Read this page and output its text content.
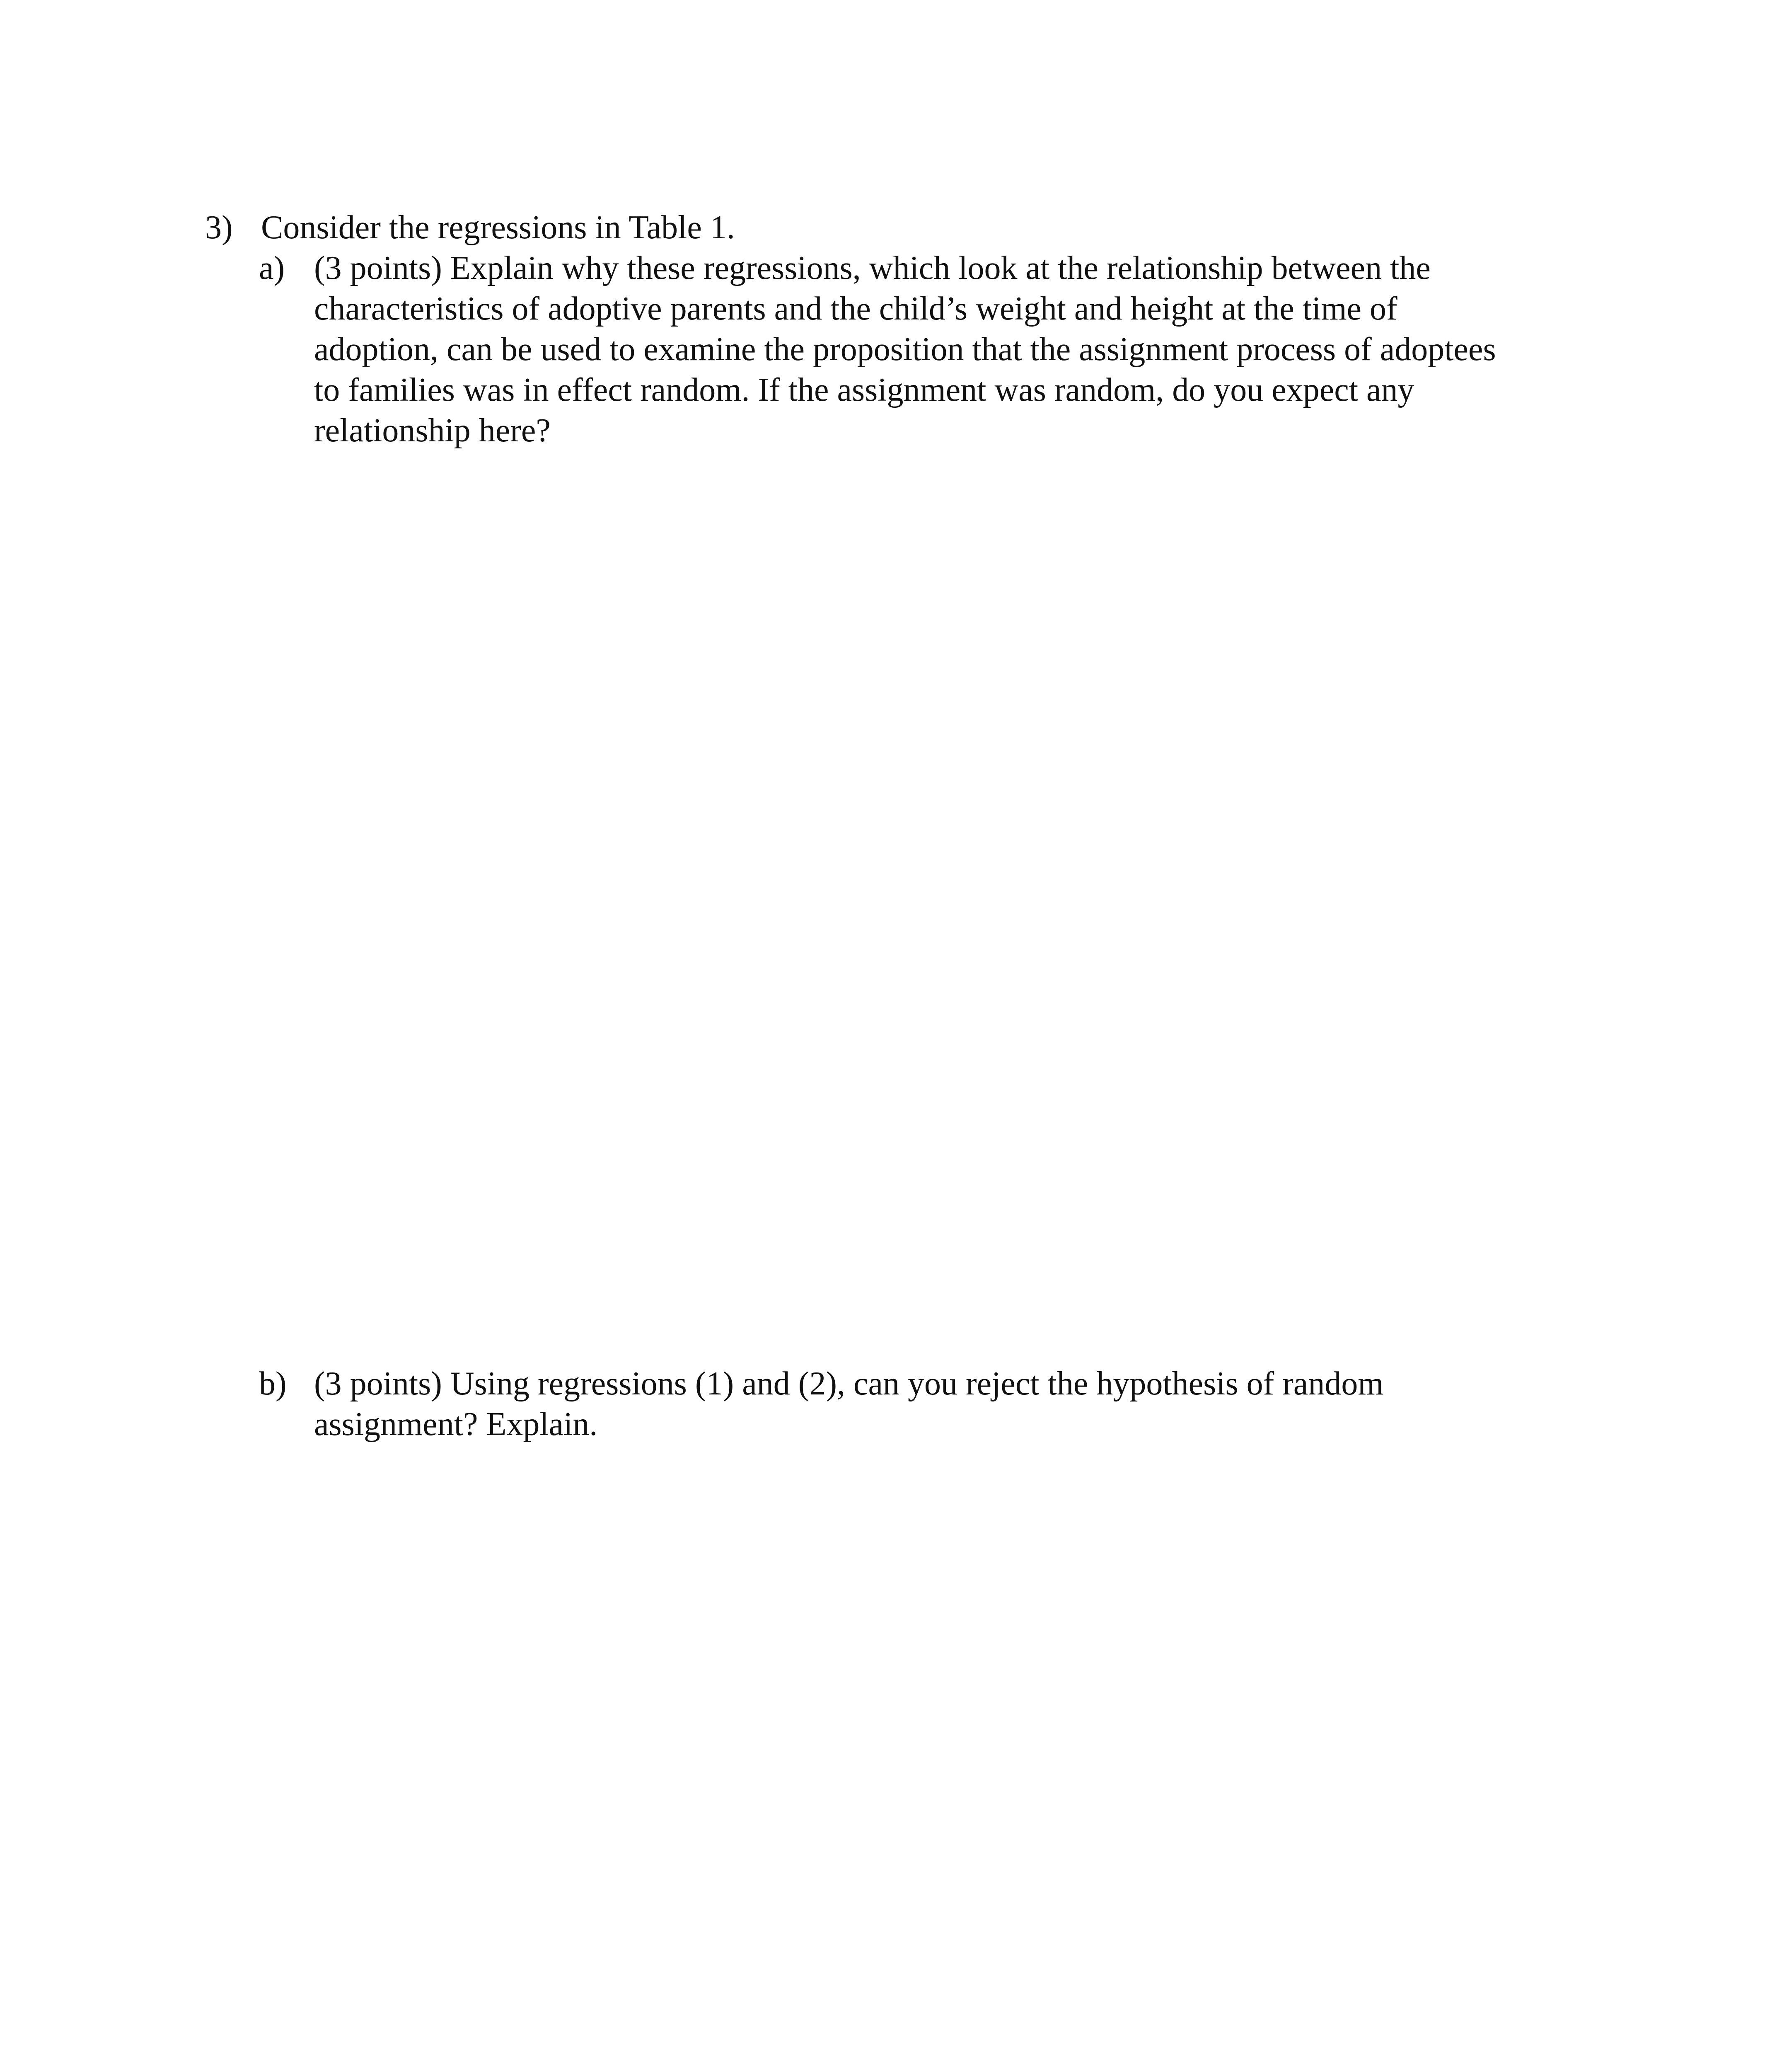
3) Consider the regressions in Table 1.
a) (3 points) Explain why these regressions, which look at the relationship between the
characteristics of adoptive parents and the child’s weight and height at the time of
adoption, can be used to examine the proposition that the assignment process of adoptees
to families was in effect random. If the assignment was random, do you expect any
relationship here?
b) (3 points) Using regressions (1) and (2), can you reject the hypothesis of random
assignment? Explain.
